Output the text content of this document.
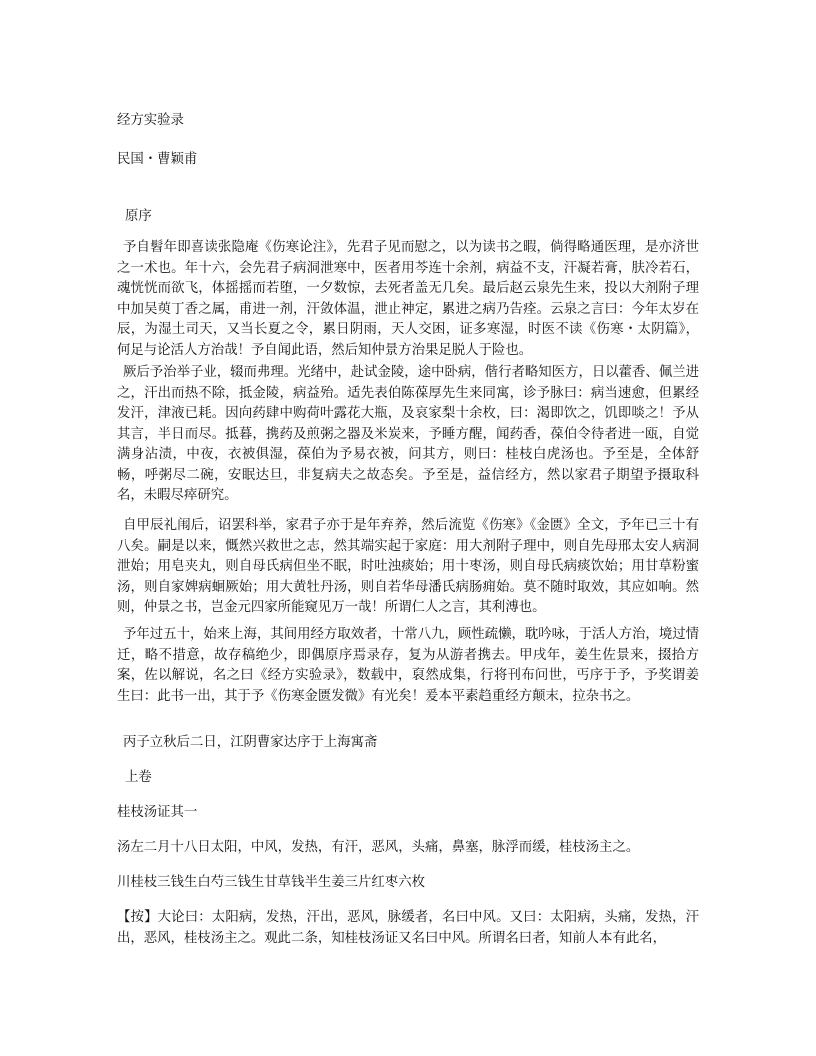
经方实验录
民国・曹颖甫
原序
予自髫年即喜读张隐庵《伤寒论注》，先君子见而慰之，以为读书之暇，倘得略通医理，是亦济世之一术也。年十六，会先君子病洞泄寒中，医者用芩连十余剂，病益不支，汗凝若膏，肤冷若石，魂恍恍而欲飞，体摇摇而若堕，一夕数惊，去死者盖无几矣。最后赵云泉先生来，投以大剂附子理中加吴萸丁香之属，甫进一剂，汗敛体温，泄止神定，累进之病乃告痊。云泉之言曰：今年太岁在辰，为湿土司天，又当长夏之令，累日阴雨，天人交困，证多寒湿，时医不读《伤寒・太阴篇》，何足与论活人方治哉！予自闻此语，然后知仲景方治果足脱人于险也。
厥后予治举子业，辍而弗理。光绪中，赴试金陵，途中卧病，偕行者略知医方，日以藿香、佩兰进之，汗出而热不除，抵金陵，病益殆。适先表伯陈葆厚先生来同寓，诊予脉曰：病当速愈，但累经发汗，津液已耗。因向药肆中购荷叶露花大瓶，及哀家梨十余枚，曰：渴即饮之，饥即啖之！予从其言，半日而尽。抵暮，携药及煎粥之器及米炭来，予睡方醒，闻药香，葆伯令待者进一瓯，自觉满身沾渍，中夜，衣被俱湿，葆伯为予易衣被，问其方，则曰：桂枝白虎汤也。予至是，全体舒畅，呼粥尽二碗，安眠达旦，非复病夫之故态矣。予至是，益信经方，然以家君子期望予摄取科名，未暇尽瘁研究。
自甲辰礼闱后，诏罢科举，家君子亦于是年弃养，然后流览《伤寒》《金匮》全文，予年已三十有八矣。嗣是以来，慨然兴救世之志，然其端实起于家庭：用大剂附子理中，则自先母邢太安人病洞泄始；用皂夹丸，则自母氏病但坐不眠，时吐浊痰始；用十枣汤，则自母氏病痰饮始；用甘草粉蜜汤，则自家婢病蛔厥始；用大黄牡丹汤，则自若华母潘氏病肠痈始。莫不随时取效，其应如响。然则，仲景之书，岂金元四家所能窥见万一哉！所谓仁人之言，其利溥也。
予年过五十，始来上海，其间用经方取效者，十常八九，顾性疏懒，耽吟咏，于活人方治，境过情迁，略不措意，故存稿绝少，即偶原序焉录存，复为从游者携去。甲戌年，姜生佐景来，掇拾方案，佐以解说，名之曰《经方实验录》，数载中，裒然成集，行将刊布问世，丐序于予，予奖谓姜生曰：此书一出，其于予《伤寒金匮发微》有光矣！爰本平素趋重经方颠末，拉杂书之。
丙子立秋后二日，江阴曹家达序于上海寓斋
上卷
桂枝汤证其一
汤左二月十八日太阳，中风，发热，有汗，恶风，头痛，鼻塞，脉浮而缓，桂枝汤主之。
川桂枝三钱生白芍三钱生甘草钱半生姜三片红枣六枚
【按】大论曰：太阳病，发热，汗出，恶风，脉缓者，名曰中风。又曰：太阳病，头痛，发热，汗出，恶风，桂枝汤主之。观此二条，知桂枝汤证又名曰中风。所谓名曰者，知前人本有此名，
